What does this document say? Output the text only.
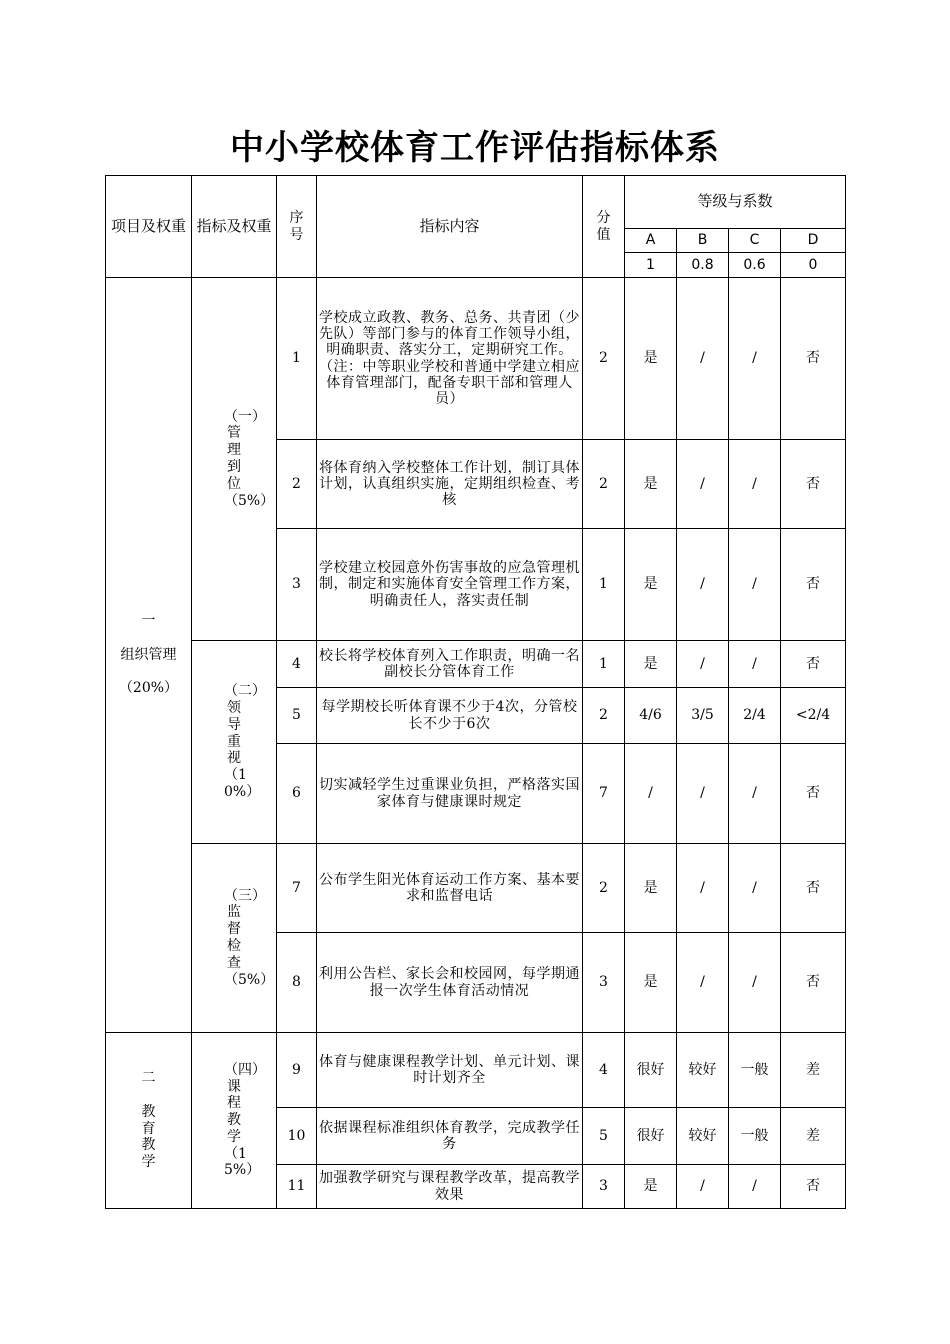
中小学校体育工作评估指标体系
项目及权重	指标及权重	序号	指标内容	分值	等级与系数			
					A	B	C	D
					1	0.8	0.6	0
一

组织管理

（20%）	（一）管理到位（5%）	1	学校成立政教、教务、总务、共青团（少先队）等部门参与的体育工作领导小组，明确职责、落实分工，定期研究工作。（注：中等职业学校和普通中学建立相应体育管理部门，配备专职干部和管理人员）	2	是	/	/	否
		2	将体育纳入学校整体工作计划，制订具体计划，认真组织实施，定期组织检查、考核	2	是	/	/	否
		3	学校建立校园意外伤害事故的应急管理机制，制定和实施体育安全管理工作方案，明确责任人，落实责任制	1	是	/	/	否
	（二）领导重视（10%）	4	校长将学校体育列入工作职责，明确一名副校长分管体育工作	1	是	/	/	否
		5	每学期校长听体育课不少于4次，分管校长不少于6次	2	4/6	3/5	2/4	<2/4
		6	切实减轻学生过重课业负担，严格落实国家体育与健康课时规定	7	/	/	/	否
	（三）监督检查（5%）	7	公布学生阳光体育运动工作方案、基本要求和监督电话	2	是	/	/	否
		8	利用公告栏、家长会和校园网，每学期通报一次学生体育活动情况	3	是	/	/	否
二

教育教学	（四）课程教学（15%）	9	体育与健康课程教学计划、单元计划、课时计划齐全	4	很好	较好	一般	差
		10	依据课程标准组织体育教学，完成教学任务	5	很好	较好	一般	差
		11	加强教学研究与课程教学改革，提高教学效果	3	是	/	/	否
